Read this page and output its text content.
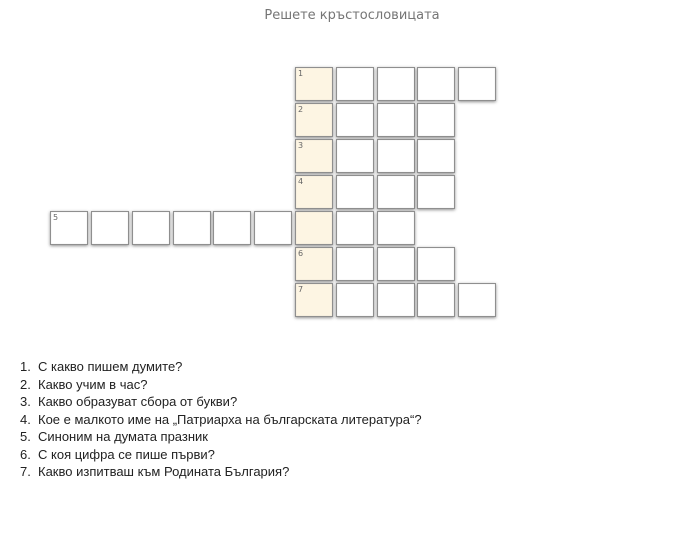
Решете кръстословицата
1
2
3
4
5
6
7
1. С какво пишем думите?
2. Какво учим в час?
3. Какво образуват сбора от букви?
4. Кое е малкото име на „Патриарха на българската литература“?
5. Синоним на думата празник
6. С коя цифра се пише първи?
7. Какво изпитваш към Родината България?
